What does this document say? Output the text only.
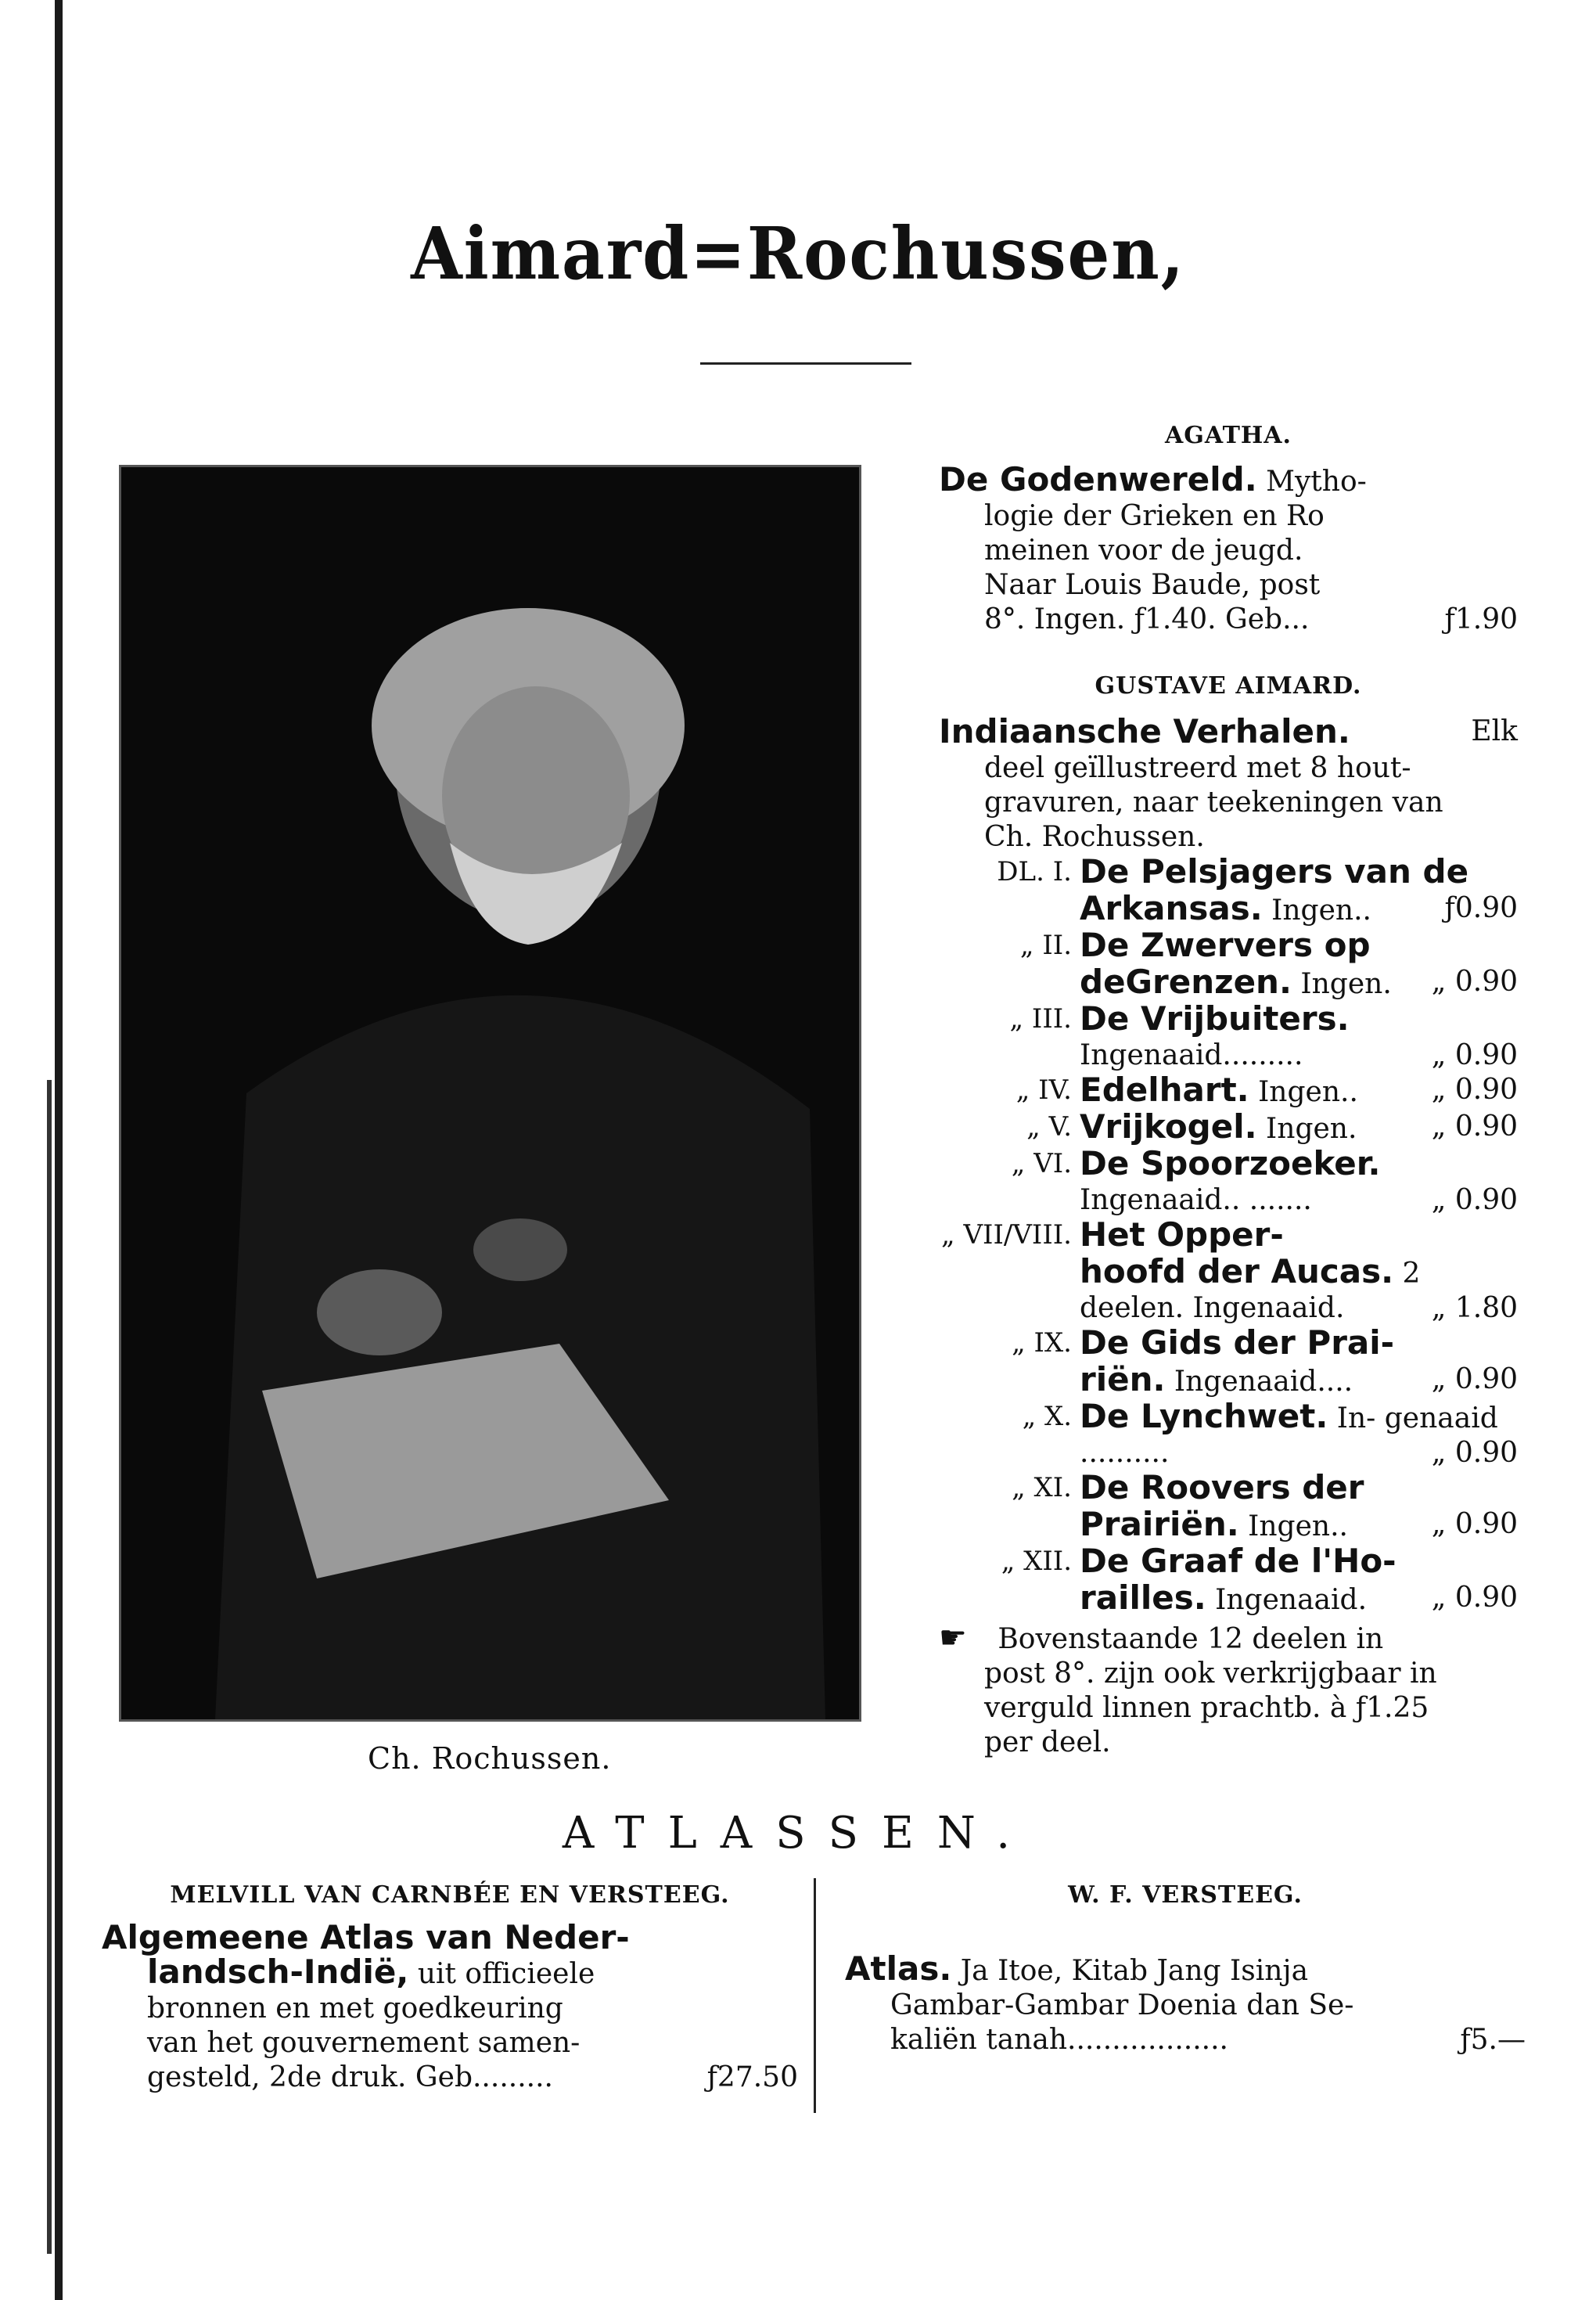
Aimard=Rochussen,
Ch. Rochussen.
AGATHA.
De Godenwereld. Mytho-
logie der Grieken en Ro
meinen voor de jeugd.
Naar Louis Baude, post
8°. Ingen. ƒ1.40. Geb...	ƒ1.90
GUSTAVE AIMARD.
Indiaansche Verhalen.	Elk
deel geïllustreerd met 8 hout-
gravuren, naar teekeningen van
Ch. Rochussen.
DL. I. De Pelsjagers van de
Arkansas. Ingen..	ƒ0.90
„ II. De Zwervers op
deGrenzen. Ingen. „ 0.90
„ III. De Vrijbuiters. Ingenaaid.........	„ 0.90
„ IV. Edelhart. Ingen..	„ 0.90
„ V. Vrijkogel. Ingen.	„ 0.90
„ VI. De Spoorzoeker. Ingenaaid.. .......	„ 0.90
„ VII/VIII. Het Opper-
hoofd der Aucas. 2 deelen. Ingenaaid.	„ 1.80
„ IX. De Gids der Prai-
riën. Ingenaaid....	„ 0.90
„ X. De Lynchwet. In- genaaid ..........	„ 0.90
„ XI. De Roovers der
Prairiën. Ingen..	„ 0.90
„ XII. De Graaf de l'Ho-
railles. Ingenaaid. „ 0.90
☛ Bovenstaande 12 deelen in
post 8°. zijn ook verkrijgbaar in
verguld linnen prachtb. à ƒ1.25
per deel.
ATLASSEN.
MELVILL VAN CARNBÉE EN VERSTEEG.
Algemeene Atlas van Neder-
landsch-Indië, uit officieele
bronnen en met goedkeuring
van het gouvernement samen-
gesteld, 2de druk. Geb.........	ƒ27.50
W. F. VERSTEEG.
Atlas. Ja Itoe, Kitab Jang Isinja
Gambar-Gambar Doenia dan Se-
kaliën tanah..................	ƒ5.—
